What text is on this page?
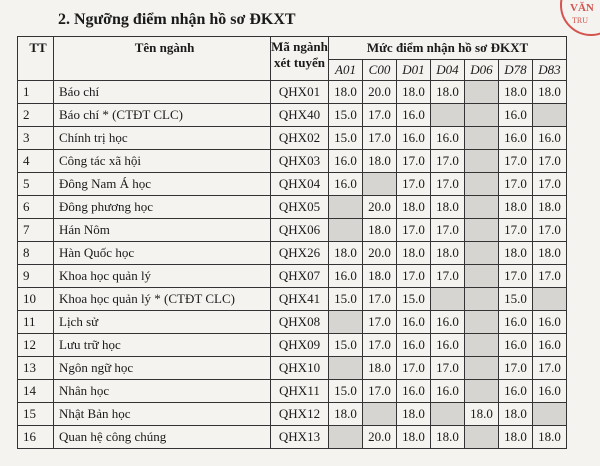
2. Ngưỡng điểm nhận hồ sơ ĐKXT
VĂN
TRU
TT	Tên ngành	Mã ngành xét tuyển	Mức điểm nhận hồ sơ ĐKXT						
			A01	C00	D01	D04	D06	D78	D83
1	Báo chí	QHX01	18.0	20.0	18.0	18.0		18.0	18.0
2	Báo chí * (CTĐT CLC)	QHX40	15.0	17.0	16.0			16.0	
3	Chính trị học	QHX02	15.0	17.0	16.0	16.0		16.0	16.0
4	Công tác xã hội	QHX03	16.0	18.0	17.0	17.0		17.0	17.0
5	Đông Nam Á học	QHX04	16.0		17.0	17.0		17.0	17.0
6	Đông phương học	QHX05		20.0	18.0	18.0		18.0	18.0
7	Hán Nôm	QHX06		18.0	17.0	17.0		17.0	17.0
8	Hàn Quốc học	QHX26	18.0	20.0	18.0	18.0		18.0	18.0
9	Khoa học quản lý	QHX07	16.0	18.0	17.0	17.0		17.0	17.0
10	Khoa học quản lý * (CTĐT CLC)	QHX41	15.0	17.0	15.0			15.0	
11	Lịch sử	QHX08		17.0	16.0	16.0		16.0	16.0
12	Lưu trữ học	QHX09	15.0	17.0	16.0	16.0		16.0	16.0
13	Ngôn ngữ học	QHX10		18.0	17.0	17.0		17.0	17.0
14	Nhân học	QHX11	15.0	17.0	16.0	16.0		16.0	16.0
15	Nhật Bản học	QHX12	18.0		18.0		18.0	18.0	
16	Quan hệ công chúng	QHX13		20.0	18.0	18.0		18.0	18.0
